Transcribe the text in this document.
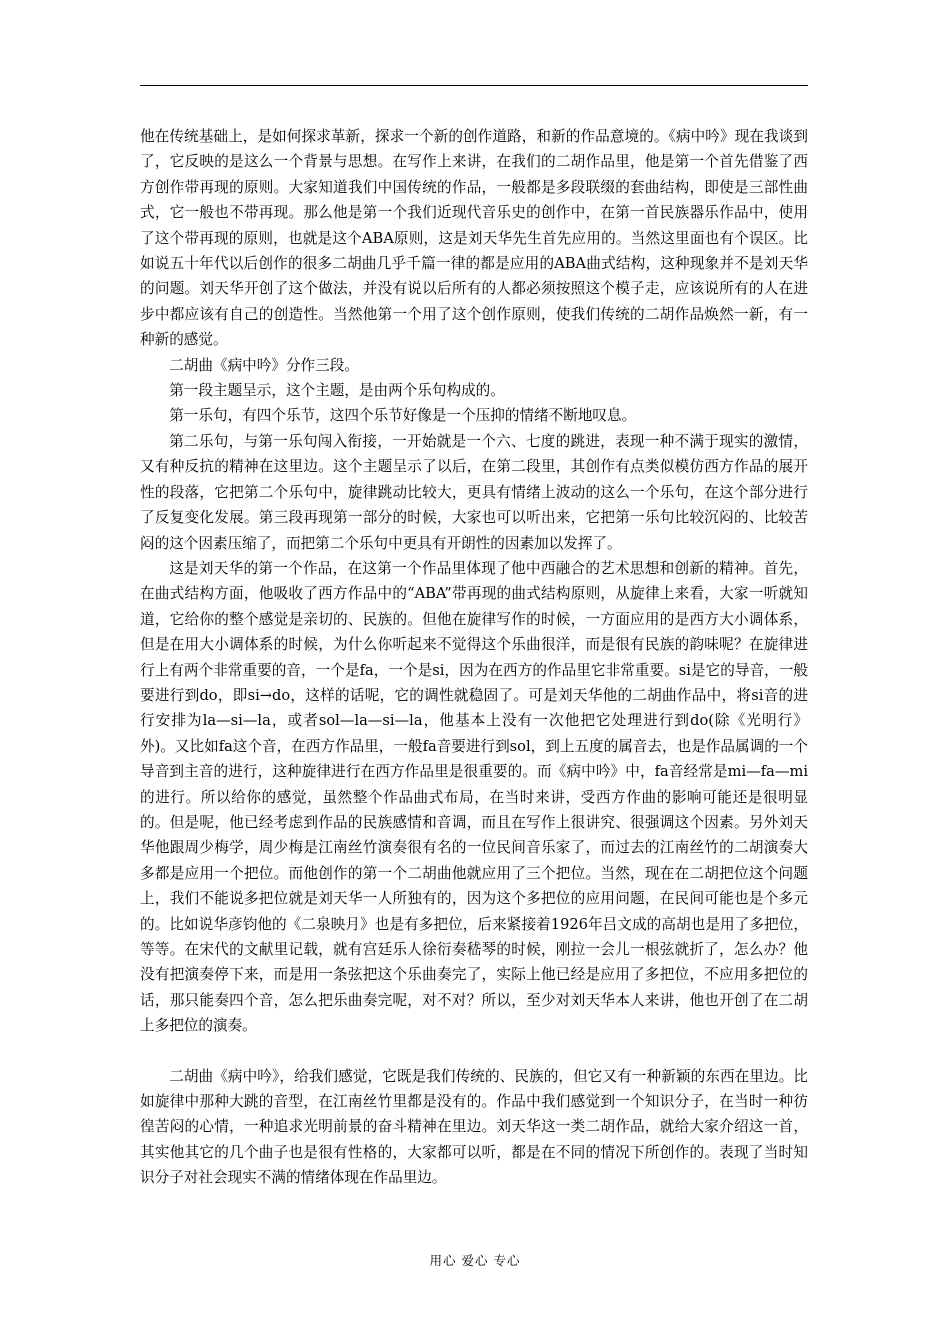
他在传统基础上，是如何探求革新，探求一个新的创作道路，和新的作品意境的。《病中吟》现在我谈到了，它反映的是这么一个背景与思想。在写作上来讲，在我们的二胡作品里，他是第一个首先借鉴了西方创作带再现的原则。大家知道我们中国传统的作品，一般都是多段联缀的套曲结构，即使是三部性曲式，它一般也不带再现。那么他是第一个我们近现代音乐史的创作中，在第一首民族器乐作品中，使用了这个带再现的原则，也就是这个ABA原则，这是刘天华先生首先应用的。当然这里面也有个误区。比如说五十年代以后创作的很多二胡曲几乎千篇一律的都是应用的ABA曲式结构，这种现象并不是刘天华的问题。刘天华开创了这个做法，并没有说以后所有的人都必须按照这个模子走，应该说所有的人在进步中都应该有自己的创造性。当然他第一个用了这个创作原则，使我们传统的二胡作品焕然一新，有一种新的感觉。

二胡曲《病中吟》分作三段。

第一段主题呈示，这个主题，是由两个乐句构成的。

第一乐句，有四个乐节，这四个乐节好像是一个压抑的情绪不断地叹息。

第二乐句，与第一乐句闯入衔接，一开始就是一个六、七度的跳进，表现一种不满于现实的激情，又有种反抗的精神在这里边。这个主题呈示了以后，在第二段里，其创作有点类似模仿西方作品的展开性的段落，它把第二个乐句中，旋律跳动比较大，更具有情绪上波动的这么一个乐句，在这个部分进行了反复变化发展。第三段再现第一部分的时候，大家也可以听出来，它把第一乐句比较沉闷的、比较苦闷的这个因素压缩了，而把第二个乐句中更具有开朗性的因素加以发挥了。

这是刘天华的第一个作品，在这第一个作品里体现了他中西融合的艺术思想和创新的精神。首先，在曲式结构方面，他吸收了西方作品中的“ABA”带再现的曲式结构原则，从旋律上来看，大家一听就知道，它给你的整个感觉是亲切的、民族的。但他在旋律写作的时候，一方面应用的是西方大小调体系，但是在用大小调体系的时候，为什么你听起来不觉得这个乐曲很洋，而是很有民族的韵味呢？在旋律进行上有两个非常重要的音，一个是fa，一个是si，因为在西方的作品里它非常重要。si是它的导音，一般要进行到do，即si→do，这样的话呢，它的调性就稳固了。可是刘天华他的二胡曲作品中，将si音的进行安排为la—si—la，或者sol—la—si—la，他基本上没有一次他把它处理进行到do(除《光明行》外)。又比如fa这个音，在西方作品里，一般fa音要进行到sol，到上五度的属音去，也是作品属调的一个导音到主音的进行，这种旋律进行在西方作品里是很重要的。而《病中吟》中，fa音经常是mi—fa—mi的进行。所以给你的感觉，虽然整个作品曲式布局，在当时来讲，受西方作曲的影响可能还是很明显的。但是呢，他已经考虑到作品的民族感情和音调，而且在写作上很讲究、很强调这个因素。另外刘天华他跟周少梅学，周少梅是江南丝竹演奏很有名的一位民间音乐家了，而过去的江南丝竹的二胡演奏大多都是应用一个把位。而他创作的第一个二胡曲他就应用了三个把位。当然，现在在二胡把位这个问题上，我们不能说多把位就是刘天华一人所独有的，因为这个多把位的应用问题，在民间可能也是个多元的。比如说华彦钧他的《二泉映月》也是有多把位，后来紧接着1926年吕文成的高胡也是用了多把位，等等。在宋代的文献里记载，就有宫廷乐人徐衍奏嵇琴的时候，刚拉一会儿一根弦就折了，怎么办？他没有把演奏停下来，而是用一条弦把这个乐曲奏完了，实际上他已经是应用了多把位，不应用多把位的话，那只能奏四个音，怎么把乐曲奏完呢，对不对？所以，至少对刘天华本人来讲，他也开创了在二胡上多把位的演奏。

二胡曲《病中吟》，给我们感觉，它既是我们传统的、民族的，但它又有一种新颖的东西在里边。比如旋律中那种大跳的音型，在江南丝竹里都是没有的。作品中我们感觉到一个知识分子，在当时一种彷徨苦闷的心情，一种追求光明前景的奋斗精神在里边。刘天华这一类二胡作品，就给大家介绍这一首，其实他其它的几个曲子也是很有性格的，大家都可以听，都是在不同的情况下所创作的。表现了当时知识分子对社会现实不满的情绪体现在作品里边。

用心 爱心 专心
